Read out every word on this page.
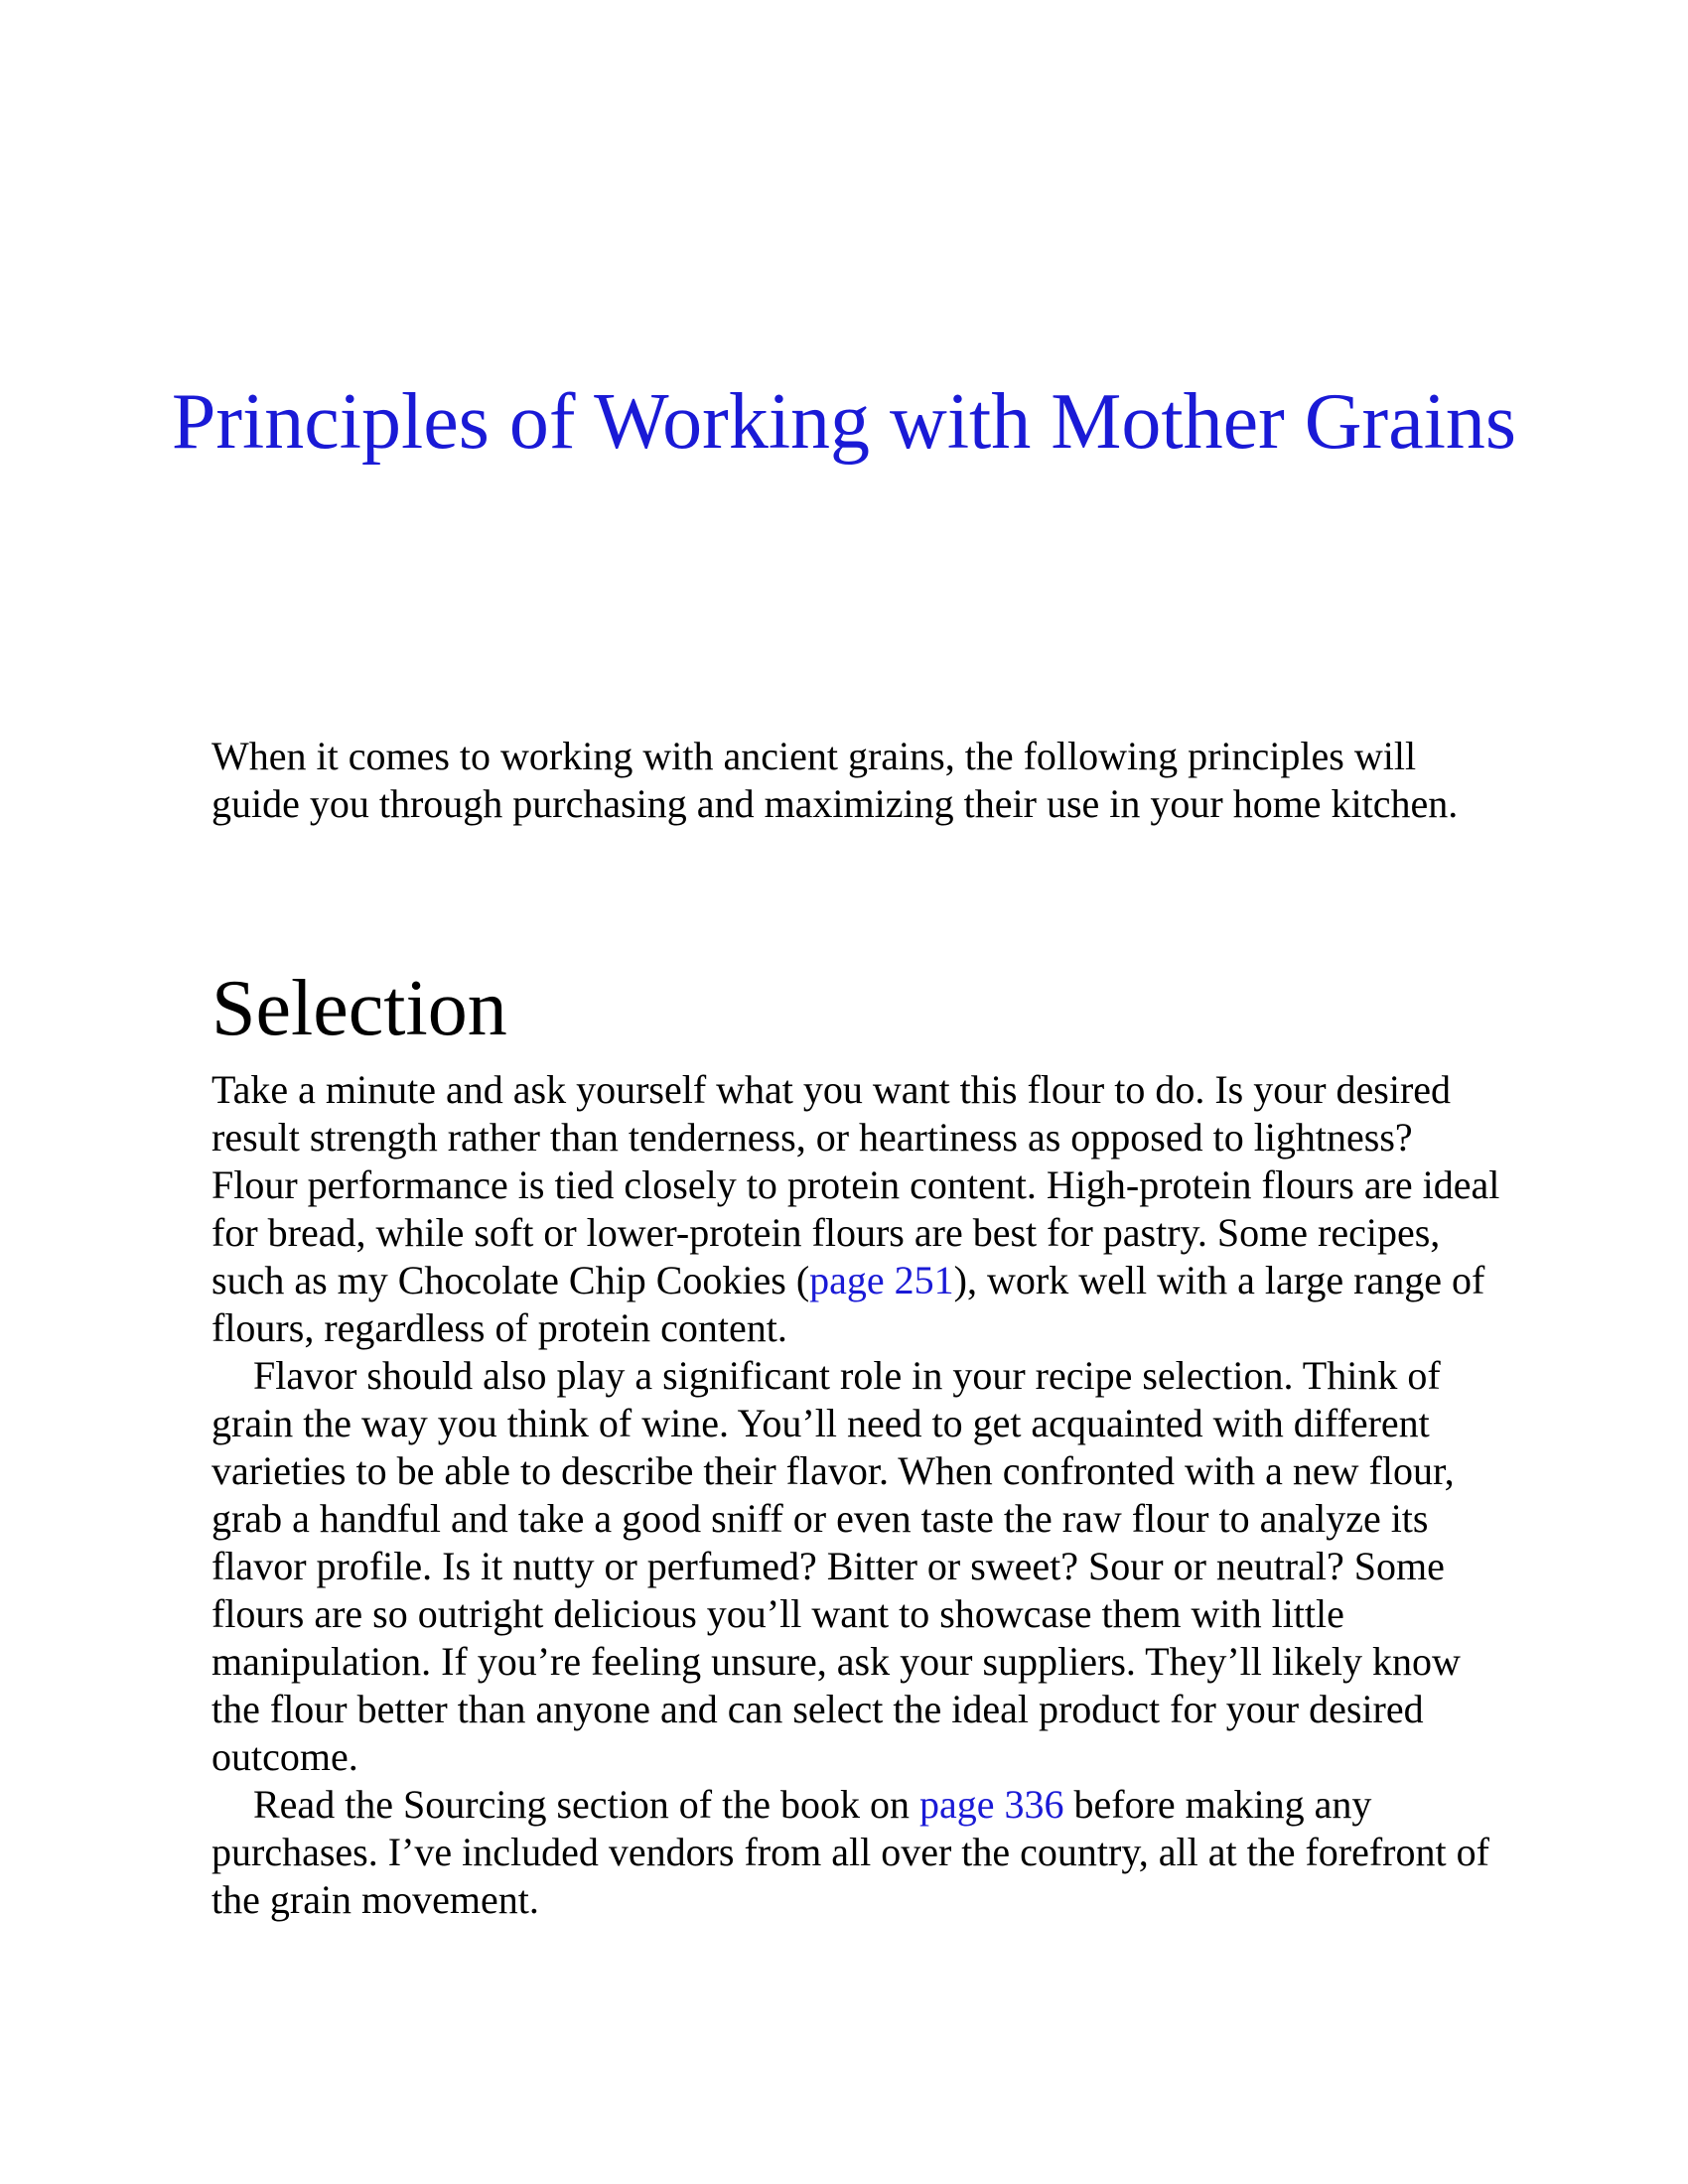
Principles of Working with Mother Grains

When it comes to working with ancient grains, the following principles will guide you through purchasing and maximizing their use in your home kitchen.

Selection

Take a minute and ask yourself what you want this flour to do. Is your desired result strength rather than tenderness, or heartiness as opposed to lightness? Flour performance is tied closely to protein content. High-protein flours are ideal for bread, while soft or lower-protein flours are best for pastry. Some recipes, such as my Chocolate Chip Cookies (page 251), work well with a large range of flours, regardless of protein content.

Flavor should also play a significant role in your recipe selection. Think of grain the way you think of wine. You’ll need to get acquainted with different varieties to be able to describe their flavor. When confronted with a new flour, grab a handful and take a good sniff or even taste the raw flour to analyze its flavor profile. Is it nutty or perfumed? Bitter or sweet? Sour or neutral? Some flours are so outright delicious you’ll want to showcase them with little manipulation. If you’re feeling unsure, ask your suppliers. They’ll likely know the flour better than anyone and can select the ideal product for your desired outcome.

Read the Sourcing section of the book on page 336 before making any purchases. I’ve included vendors from all over the country, all at the forefront of the grain movement.
